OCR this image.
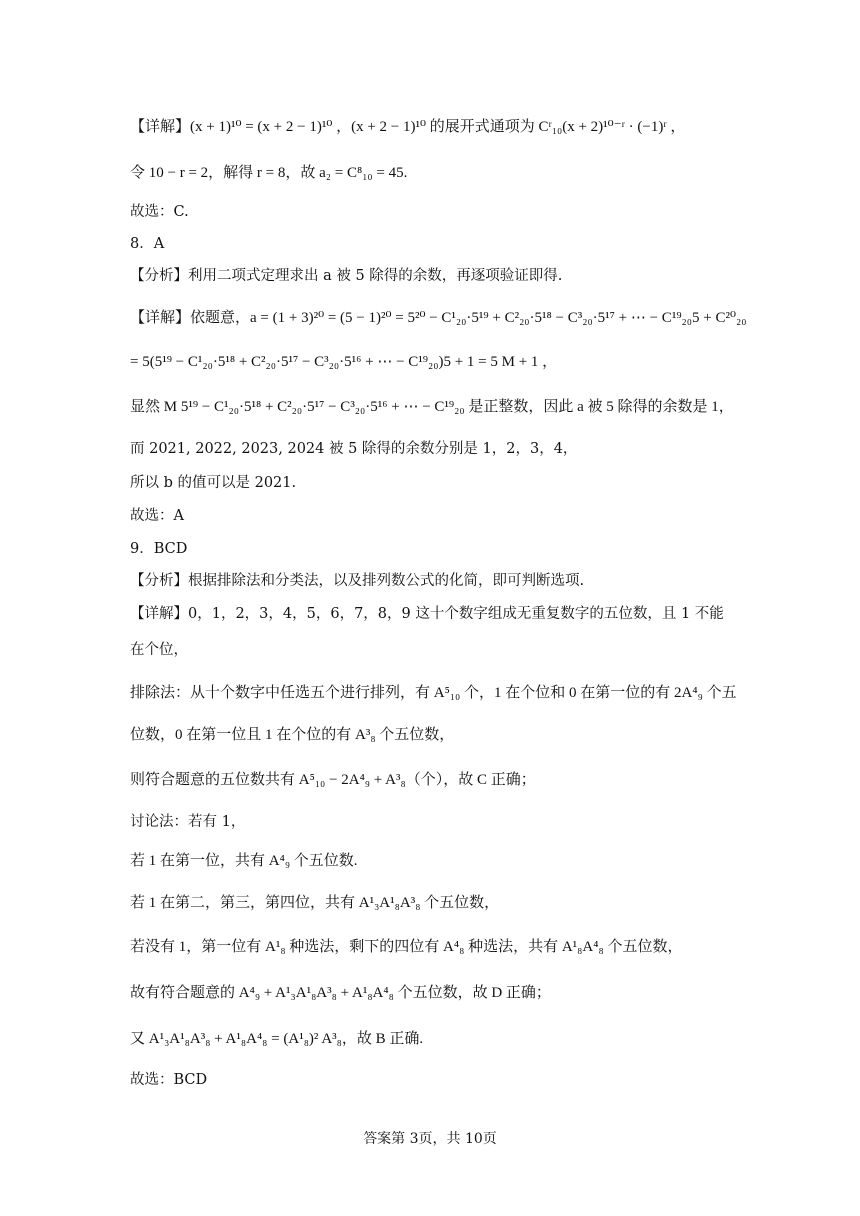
【详解】(x + 1)¹⁰ = (x + 2 − 1)¹⁰ ，(x + 2 − 1)¹⁰ 的展开式通项为 Cʳ₁₀(x + 2)¹⁰⁻ʳ · (−1)ʳ ，
令 10 − r = 2，解得 r = 8，故 a₂ = C⁸₁₀ = 45.
故选：C.
8．A
【分析】利用二项式定理求出 a 被 5 除得的余数，再逐项验证即得.
【详解】依题意，a = (1 + 3)²⁰ = (5 − 1)²⁰ = 5²⁰ − C¹₂₀·5¹⁹ + C²₂₀·5¹⁸ − C³₂₀·5¹⁷ + ⋯ − C¹⁹₂₀5 + C²⁰₂₀
= 5(5¹⁹ − C¹₂₀·5¹⁸ + C²₂₀·5¹⁷ − C³₂₀·5¹⁶ + ⋯ − C¹⁹₂₀)5 + 1 = 5 M + 1 ，
显然 M 5¹⁹ − C¹₂₀·5¹⁸ + C²₂₀·5¹⁷ − C³₂₀·5¹⁶ + ⋯ − C¹⁹₂₀ 是正整数，因此 a 被 5 除得的余数是 1，
而 2021, 2022, 2023, 2024 被 5 除得的余数分别是 1，2，3，4，
所以 b 的值可以是 2021.
故选：A
9．BCD
【分析】根据排除法和分类法，以及排列数公式的化简，即可判断选项.
【详解】0，1，2，3，4，5，6，7，8，9 这十个数字组成无重复数字的五位数，且 1 不能
在个位，
排除法：从十个数字中任选五个进行排列，有 A⁵₁₀ 个，1 在个位和 0 在第一位的有 2A⁴₉ 个五
位数，0 在第一位且 1 在个位的有 A³₈ 个五位数，
则符合题意的五位数共有 A⁵₁₀ − 2A⁴₉ + A³₈（个），故 C 正确；
讨论法：若有 1，
若 1 在第一位，共有 A⁴₉ 个五位数.
若 1 在第二，第三，第四位，共有 A¹₃A¹₈A³₈ 个五位数，
若没有 1，第一位有 A¹₈ 种选法，剩下的四位有 A⁴₈ 种选法，共有 A¹₈A⁴₈ 个五位数，
故有符合题意的 A⁴₉ + A¹₃A¹₈A³₈ + A¹₈A⁴₈ 个五位数，故 D 正确；
又 A¹₃A¹₈A³₈ + A¹₈A⁴₈ = (A¹₈)² A³₈，故 B 正确.
故选：BCD
答案第 3页，共 10页
